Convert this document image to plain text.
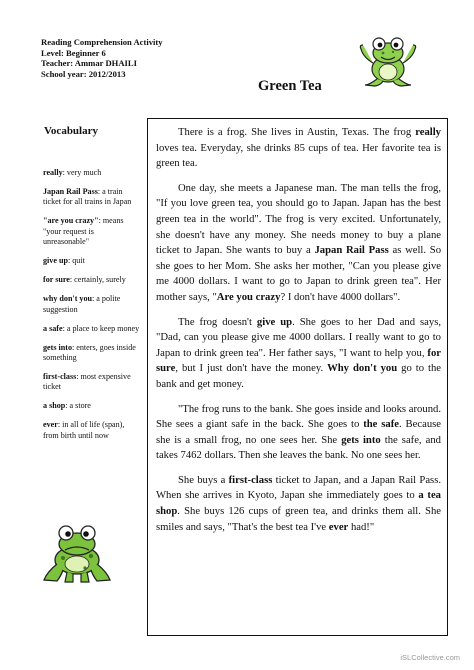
Reading Comprehension Activity
Level: Beginner 6
Teacher: Ammar DHAILI
School year: 2012/2013
Green Tea
Vocabulary
really: very much
Japan Rail Pass: a train ticket for all trains in Japan
"are you crazy": means "your request is unreasonable"
give up: quit
for sure: certainly, surely
why don't you: a polite suggestion
a safe: a place to keep money
gets into: enters, goes inside something
first-class: most expensive ticket
a shop: a store
ever: in all of life (span), from birth until now

There is a frog. She lives in Austin, Texas. The frog really loves tea. Everyday, she drinks 85 cups of tea. Her favorite tea is green tea.

One day, she meets a Japanese man. The man tells the frog, "If you love green tea, you should go to Japan. Japan has the best green tea in the world". The frog is very excited. Unfortunately, she doesn't have any money. She needs money to buy a plane ticket to Japan. She wants to buy a Japan Rail Pass as well. So she goes to her Mom. She asks her mother, "Can you please give me 4000 dollars. I want to go to Japan to drink green tea". Her mother says, "Are you crazy? I don't have 4000 dollars".

The frog doesn't give up. She goes to her Dad and says, "Dad, can you please give me 4000 dollars. I really want to go to Japan to drink green tea". Her father says, "I want to help you, for sure, but I just don't have the money. Why don't you go to the bank and get money.

"The frog runs to the bank. She goes inside and looks around. She sees a giant safe in the back. She goes to the safe. Because she is a small frog, no one sees her. She gets into the safe, and takes 7462 dollars. Then she leaves the bank. No one sees her.

She buys a first-class ticket to Japan, and a Japan Rail Pass. When she arrives in Kyoto, Japan she immediately goes to a tea shop. She buys 126 cups of green tea, and drinks them all. She smiles and says, "That's the best tea I've ever had!"

iSLCollective.com
